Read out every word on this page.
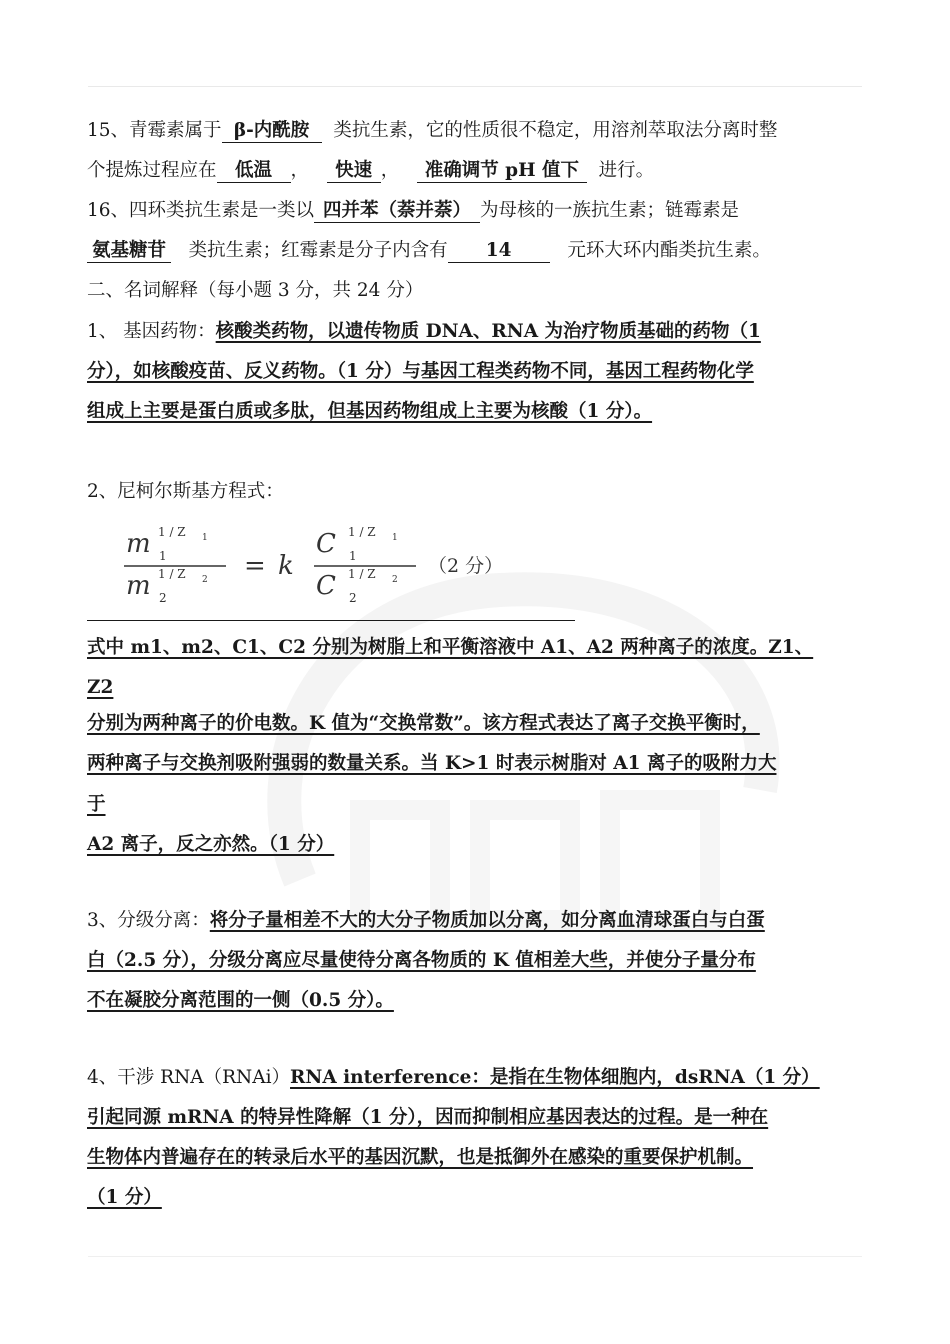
15、青霉素属于 β-内酰胺 类抗生素，它的性质很不稳定，用溶剂萃取法分离时整
个提炼过程应在 低温 ， 快速 ， 准确调节 pH 值下 进行。
16、四环类抗生素是一类以 四并苯（萘并萘） 为母核的一族抗生素；链霉素是
氨基糖苷 类抗生素；红霉素是分子内含有 14	元环大环内酯类抗生素。
二、名词解释（每小题 3 分，共 24 分）
1、 基因药物：核酸类药物，以遗传物质 DNA、RNA 为治疗物质基础的药物（1
分），如核酸疫苗、反义药物。（1 分）与基因工程类药物不同，基因工程药物化学
组成上主要是蛋白质或多肽，但基因药物组成上主要为核酸（1 分）。
2、尼柯尔斯基方程式：
m 1 / Z 1
1
m 1 / Z 2
2
= k
C 1 / Z 1
1
C 1 / Z 2
2
（2 分）
式中 m1、m2、C1、C2 分别为树脂上和平衡溶液中 A1、A2 两种离子的浓度。Z1、
Z2
分别为两种离子的价电数。K 值为“交换常数”。该方程式表达了离子交换平衡时，
两种离子与交换剂吸附强弱的数量关系。当 K>1 时表示树脂对 A1 离子的吸附力大
于
A2 离子，反之亦然。（1 分）
3、分级分离：将分子量相差不大的大分子物质加以分离，如分离血清球蛋白与白蛋
白（2.5 分），分级分离应尽量使待分离各物质的 K 值相差大些，并使分子量分布
不在凝胶分离范围的一侧（0.5 分）。
4、干涉 RNA（RNAi）RNA interference：是指在生物体细胞内，dsRNA（1 分）
引起同源 mRNA 的特异性降解（1 分），因而抑制相应基因表达的过程。是一种在
生物体内普遍存在的转录后水平的基因沉默，也是抵御外在感染的重要保护机制。
（1 分）
